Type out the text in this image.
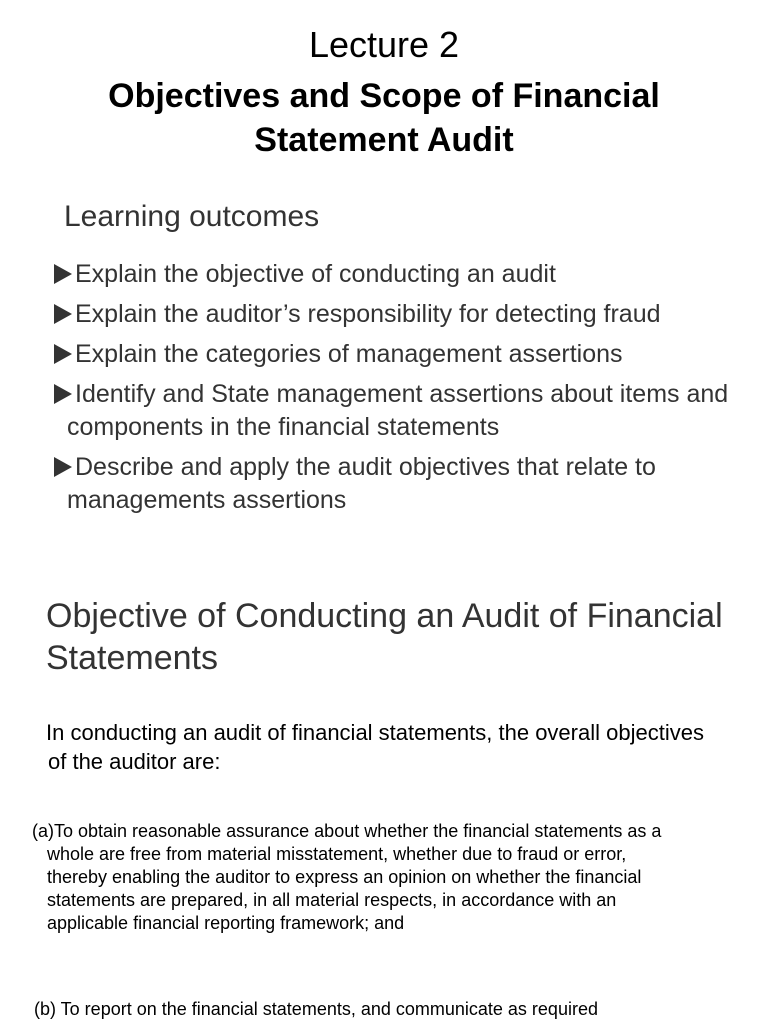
Lecture 2
Objectives and Scope of Financial
Statement Audit
Learning outcomes
Explain the objective of conducting an audit
Explain the auditor’s responsibility for detecting fraud
Explain the categories of management assertions
Identify and State management assertions about items and components in the financial statements
Describe and apply the audit objectives that relate to managements assertions
Objective of Conducting an Audit of Financial Statements
In conducting an audit of financial statements, the overall objectives of the auditor are:
(a)To obtain reasonable assurance about whether the financial statements as a whole are free from material misstatement, whether due to fraud or error, thereby enabling the auditor to express an opinion on whether the financial statements are prepared, in all material respects, in accordance with an applicable financial reporting framework; and
(b) To report on the financial statements, and communicate as required
